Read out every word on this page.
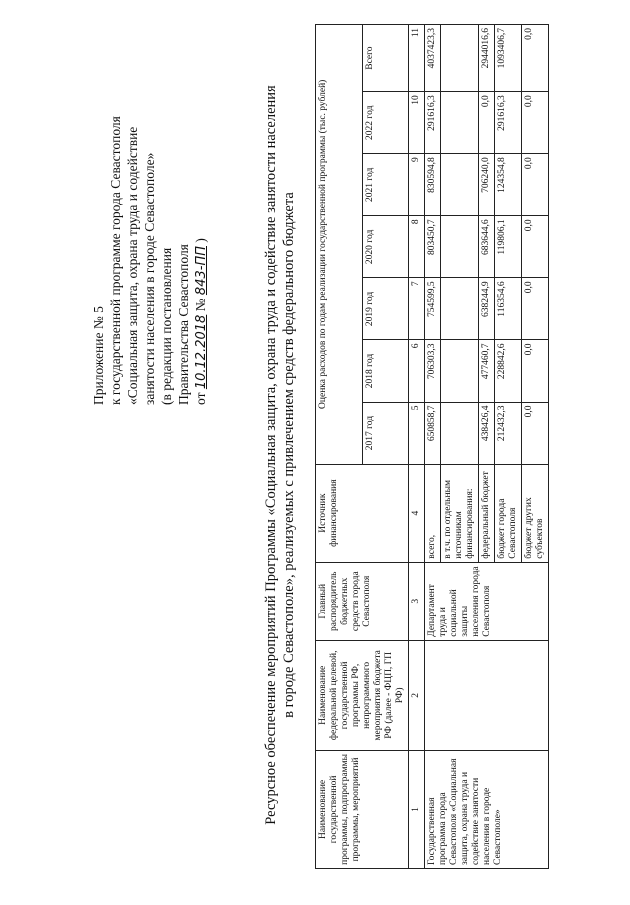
Приложение № 5 к государственной программе города Севастополя «Социальная защита, охрана труда и содействие занятости населения в городе Севастополе» (в редакции постановления Правительства Севастополя от 10.12.2018 № 843-ПП )	Ресурсное обеспечение мероприятий Программы «Социальная защита, охрана труда и содействие занятости населения в городе Севастополе», реализуемых с привлечением средств федерального бюджета
Наименование государственной программы, подпрограммы программы, мероприятий	Наименование федеральной целевой, государственной программы РФ, непрограммного мероприятия бюджета РФ (далее - ФЦП, ГП РФ)	Главный распорядитель бюджетных средств города Севастополя	Источник финансирования	Оценка расходов по годам реализации государственной программы (тыс. рублей)						
				2017 год	2018 год	2019 год	2020 год	2021 год	2022 год	Всего
1	2	3	4	5	6	7	8	9	10	11
Государственная программа города Севастополя «Социальная защита, охрана труда и содействие занятости населения в городе Севастополе»		Департамент труда и социальной защиты населения города Севастополя	всего,	650858,7	706303,3	754599,5	803450,7	830594,8	291616,3	4037423,3
			в т.ч. по отдельным источникам финансирования:							
			федеральный бюджет	438426,4	477460,7	638244,9	683644,6	706240,0	0,0	2944016,6
			бюджет города Севастополя	212432,3	228842,6	116354,6	119806,1	124354,8	291616,3	1093406,7
			бюджет других субъектов	0,0	0,0	0,0	0,0	0,0	0,0	0,0
